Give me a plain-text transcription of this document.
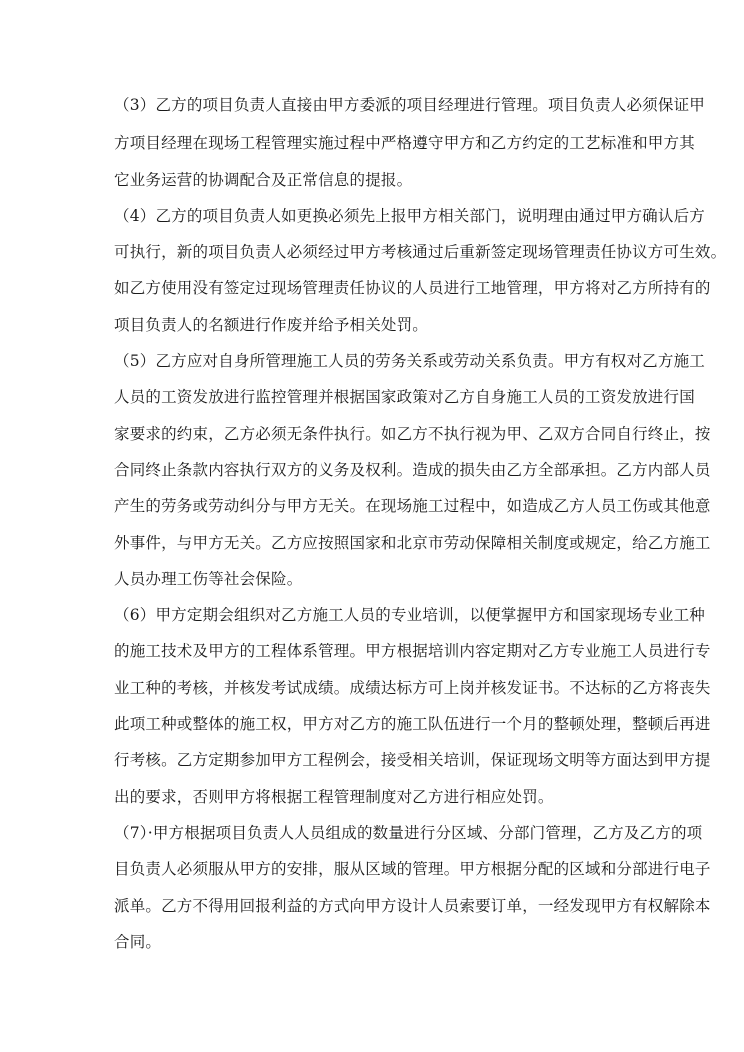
（3）乙方的项目负责人直接由甲方委派的项目经理进行管理。项目负责人必须保证甲
方项目经理在现场工程管理实施过程中严格遵守甲方和乙方约定的工艺标准和甲方其
它业务运营的协调配合及正常信息的提报。
（4）乙方的项目负责人如更换必须先上报甲方相关部门，说明理由通过甲方确认后方
可执行，新的项目负责人必须经过甲方考核通过后重新签定现场管理责任协议方可生效。
如乙方使用没有签定过现场管理责任协议的人员进行工地管理，甲方将对乙方所持有的
项目负责人的名额进行作废并给予相关处罚。
（5）乙方应对自身所管理施工人员的劳务关系或劳动关系负责。甲方有权对乙方施工
人员的工资发放进行监控管理并根据国家政策对乙方自身施工人员的工资发放进行国
家要求的约束，乙方必须无条件执行。如乙方不执行视为甲、乙双方合同自行终止，按
合同终止条款内容执行双方的义务及权利。造成的损失由乙方全部承担。乙方内部人员
产生的劳务或劳动纠分与甲方无关。在现场施工过程中，如造成乙方人员工伤或其他意
外事件，与甲方无关。乙方应按照国家和北京市劳动保障相关制度或规定，给乙方施工
人员办理工伤等社会保险。
（6）甲方定期会组织对乙方施工人员的专业培训，以便掌握甲方和国家现场专业工种
的施工技术及甲方的工程体系管理。甲方根据培训内容定期对乙方专业施工人员进行专
业工种的考核，并核发考试成绩。成绩达标方可上岗并核发证书。不达标的乙方将丧失
此项工种或整体的施工权，甲方对乙方的施工队伍进行一个月的整顿处理，整顿后再进
行考核。乙方定期参加甲方工程例会，接受相关培训，保证现场文明等方面达到甲方提
出的要求，否则甲方将根据工程管理制度对乙方进行相应处罚。
（7）·甲方根据项目负责人人员组成的数量进行分区域、分部门管理，乙方及乙方的项
目负责人必须服从甲方的安排，服从区域的管理。甲方根据分配的区域和分部进行电子
派单。乙方不得用回报利益的方式向甲方设计人员索要订单，一经发现甲方有权解除本
合同。
